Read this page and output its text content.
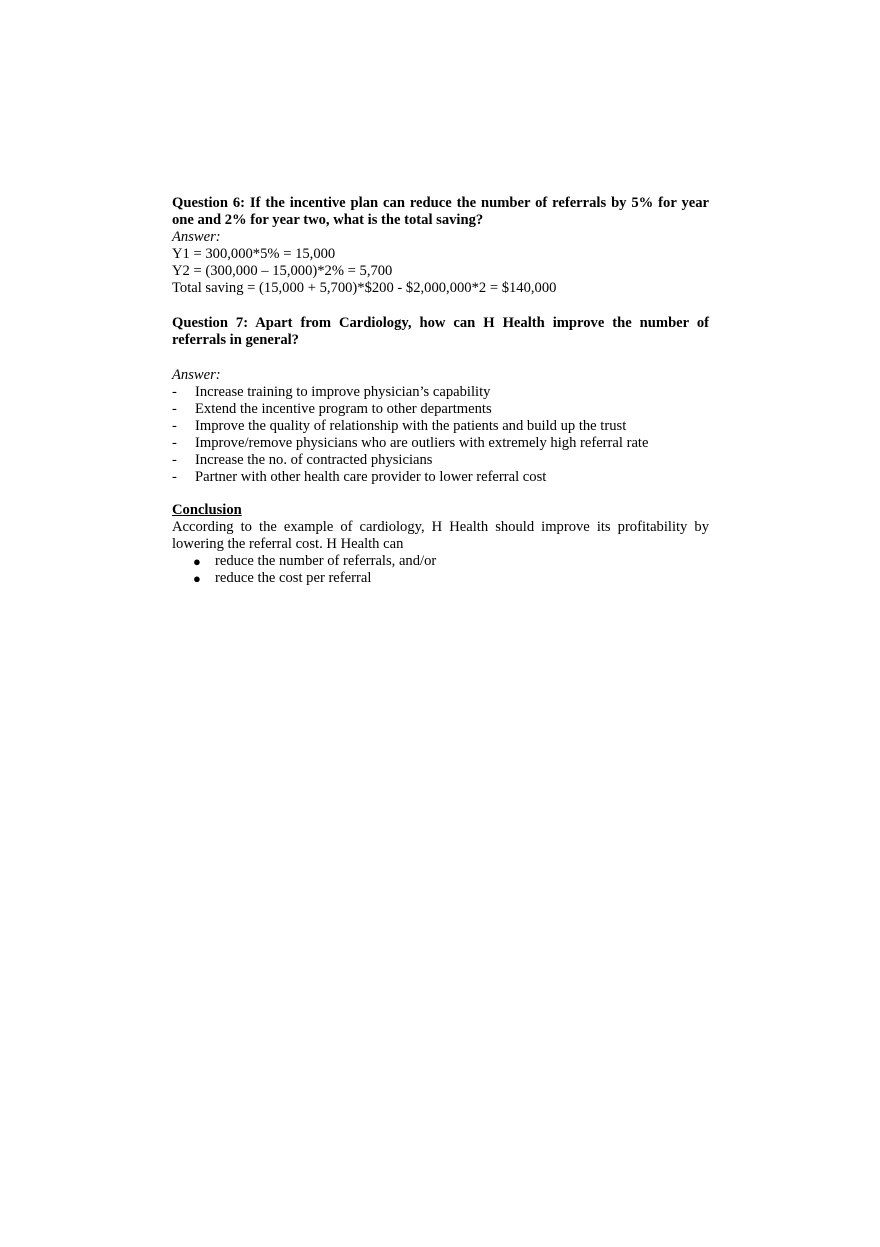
Question 6: If the incentive plan can reduce the number of referrals by 5% for year one and 2% for year two, what is the total saving?

Answer:

Y1 = 300,000*5% = 15,000

Y2 = (300,000 – 15,000)*2% = 5,700

Total saving = (15,000 + 5,700)*$200 - $2,000,000*2 = $140,000

Question 7: Apart from Cardiology, how can H Health improve the number of referrals in general?

Answer:

-	Increase training to improve physician’s capability
-	Extend the incentive program to other departments
-	Improve the quality of relationship with the patients and build up the trust
-	Improve/remove physicians who are outliers with extremely high referral rate
-	Increase the no. of contracted physicians
-	Partner with other health care provider to lower referral cost

Conclusion

According to the example of cardiology, H Health should improve its profitability by lowering the referral cost. H Health can

● reduce the number of referrals, and/or
● reduce the cost per referral
